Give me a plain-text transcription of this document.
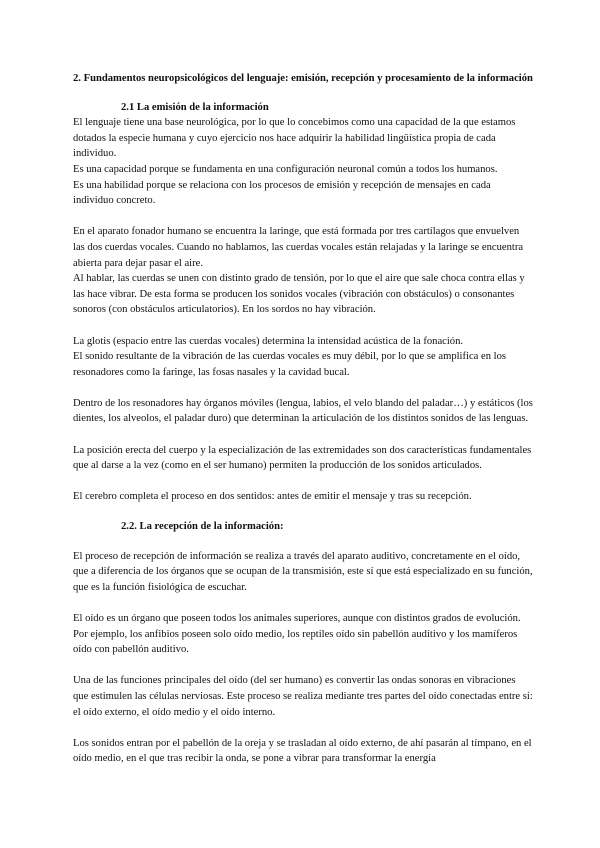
2. Fundamentos neuropsicológicos del lenguaje: emisión, recepción y procesamiento de la información

2.1 La emisión de la información

El lenguaje tiene una base neurológica, por lo que lo concebimos como una capacidad de la que estamos dotados la especie humana y cuyo ejercicio nos hace adquirir la habilidad lingüística propia de cada individuo.

Es una capacidad porque se fundamenta en una configuración neuronal común a todos los humanos.

Es una habilidad porque se relaciona con los procesos de emisión y recepción de mensajes en cada individuo concreto.

En el aparato fonador humano se encuentra la laringe, que está formada por tres cartílagos que envuelven las dos cuerdas vocales. Cuando no hablamos, las cuerdas vocales están relajadas y la laringe se encuentra abierta para dejar pasar el aire.

Al hablar, las cuerdas se unen con distinto grado de tensión, por lo que el aire que sale choca contra ellas y las hace vibrar. De esta forma se producen los sonidos vocales (vibración con obstáculos) o consonantes sonoros (con obstáculos articulatorios). En los sordos no hay vibración.

La glotis (espacio entre las cuerdas vocales) determina la intensidad acústica de la fonación.

El sonido resultante de la vibración de las cuerdas vocales es muy débil, por lo que se amplifica en los resonadores como la faringe, las fosas nasales y la cavidad bucal.

Dentro de los resonadores hay órganos móviles (lengua, labios, el velo blando del paladar…) y estáticos (los dientes, los alveolos, el paladar duro) que determinan la articulación de los distintos sonidos de las lenguas.

La posición erecta del cuerpo y la especialización de las extremidades son dos características fundamentales que al darse a la vez (como en el ser humano) permiten la producción de los sonidos articulados.

El cerebro completa el proceso en dos sentidos: antes de emitir el mensaje y tras su recepción.

2.2. La recepción de la información:

El proceso de recepción de información se realiza a través del aparato auditivo, concretamente en el oído, que a diferencia de los órganos que se ocupan de la transmisión, este sí que está especializado en su función, que es la función fisiológica de escuchar.

El oído es un órgano que poseen todos los animales superiores, aunque con distintos grados de evolución. Por ejemplo, los anfibios poseen solo oído medio, los reptiles oído sin pabellón auditivo y los mamíferos oído con pabellón auditivo.

Una de las funciones principales del oído (del ser humano) es convertir las ondas sonoras en vibraciones que estimulen las células nerviosas. Este proceso se realiza mediante tres partes del oído conectadas entre sí: el oído externo, el oído medio y el oído interno.

Los sonidos entran por el pabellón de la oreja y se trasladan al oído externo, de ahí pasarán al tímpano, en el oído medio, en el que tras recibir la onda, se pone a vibrar para transformar la energía
